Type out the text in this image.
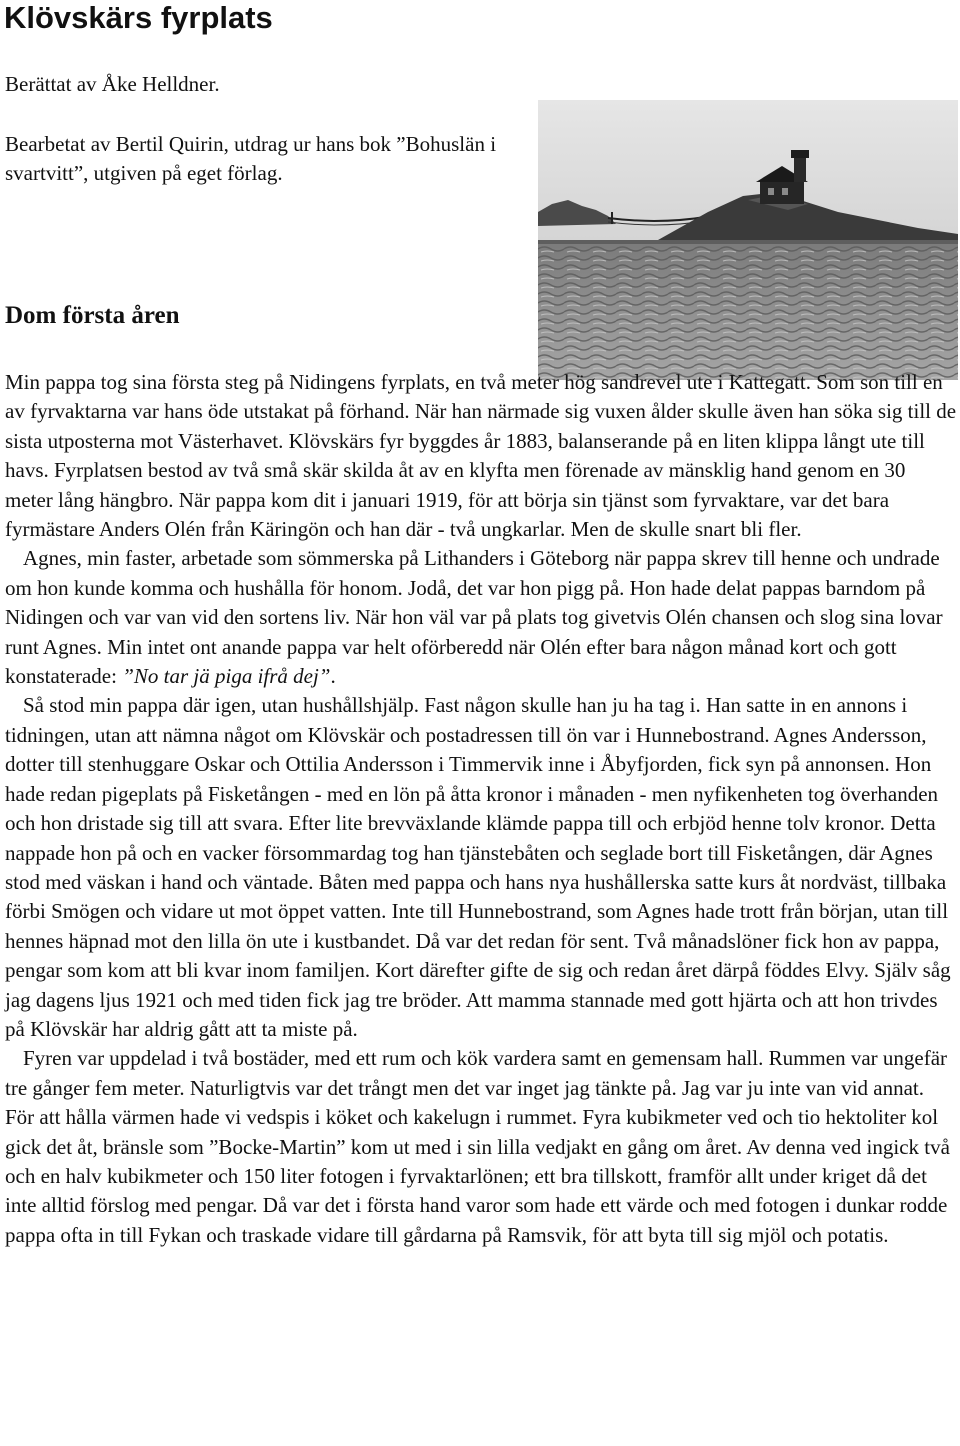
Klövskärs fyrplats

Berättat av Åke Helldner.

Bearbetat av Bertil Quirin, utdrag ur hans bok ”Bohuslän i svartvitt”, utgiven på eget förlag.

Dom första åren

Min pappa tog sina första steg på Nidingens fyrplats, en två meter hög sandrevel ute i Kattegatt. Som son till en av fyrvaktarna var hans öde utstakat på förhand. När han närmade sig vuxen ålder skulle även han söka sig till de sista utposterna mot Västerhavet. Klövskärs fyr byggdes år 1883, balanserande på en liten klippa långt ute till havs. Fyrplatsen bestod av två små skär skilda åt av en klyfta men förenade av mänsklig hand genom en 30 meter lång hängbro. När pappa kom dit i januari 1919, för att börja sin tjänst som fyrvaktare, var det bara fyrmästare Anders Olén från Käringön och han där - två ungkarlar. Men de skulle snart bli fler.

Agnes, min faster, arbetade som sömmerska på Lithanders i Göteborg när pappa skrev till henne och undrade om hon kunde komma och hushålla för honom. Jodå, det var hon pigg på. Hon hade delat pappas barndom på Nidingen och var van vid den sortens liv. När hon väl var på plats tog givetvis Olén chansen och slog sina lovar runt Agnes. Min intet ont anande pappa var helt oförberedd när Olén efter bara någon månad kort och gott konstaterade: ”No tar jä piga ifrå dej”.

Så stod min pappa där igen, utan hushållshjälp. Fast någon skulle han ju ha tag i. Han satte in en annons i tidningen, utan att nämna något om Klövskär och postadressen till ön var i Hunnebostrand. Agnes Andersson, dotter till stenhuggare Oskar och Ottilia Andersson i Timmervik inne i Åbyfjorden, fick syn på annonsen. Hon hade redan pigeplats på Fisketången - med en lön på åtta kronor i månaden - men nyfikenheten tog överhanden och hon dristade sig till att svara. Efter lite brevväxlande klämde pappa till och erbjöd henne tolv kronor. Detta nappade hon på och en vacker försommardag tog han tjänstebåten och seglade bort till Fisketången, där Agnes stod med väskan i hand och väntade. Båten med pappa och hans nya hushållerska satte kurs åt nordväst, tillbaka förbi Smögen och vidare ut mot öppet vatten. Inte till Hunnebostrand, som Agnes hade trott från början, utan till hennes häpnad mot den lilla ön ute i kustbandet. Då var det redan för sent. Två månadslöner fick hon av pappa, pengar som kom att bli kvar inom familjen. Kort därefter gifte de sig och redan året därpå föddes Elvy. Själv såg jag dagens ljus 1921 och med tiden fick jag tre bröder. Att mamma stannade med gott hjärta och att hon trivdes på Klövskär har aldrig gått att ta miste på.

Fyren var uppdelad i två bostäder, med ett rum och kök vardera samt en gemensam hall. Rummen var ungefär tre gånger fem meter. Naturligtvis var det trångt men det var inget jag tänkte på. Jag var ju inte van vid annat. För att hålla värmen hade vi vedspis i köket och kakelugn i rummet. Fyra kubikmeter ved och tio hektoliter kol gick det åt, bränsle som ”Bocke-Martin” kom ut med i sin lilla vedjakt en gång om året. Av denna ved ingick två och en halv kubikmeter och 150 liter fotogen i fyrvaktarlönen; ett bra tillskott, framför allt under kriget då det inte alltid förslog med pengar. Då var det i första hand varor som hade ett värde och med fotogen i dunkar rodde pappa ofta in till Fykan och traskade vidare till gårdarna på Ramsvik, för att byta till sig mjöl och potatis.
